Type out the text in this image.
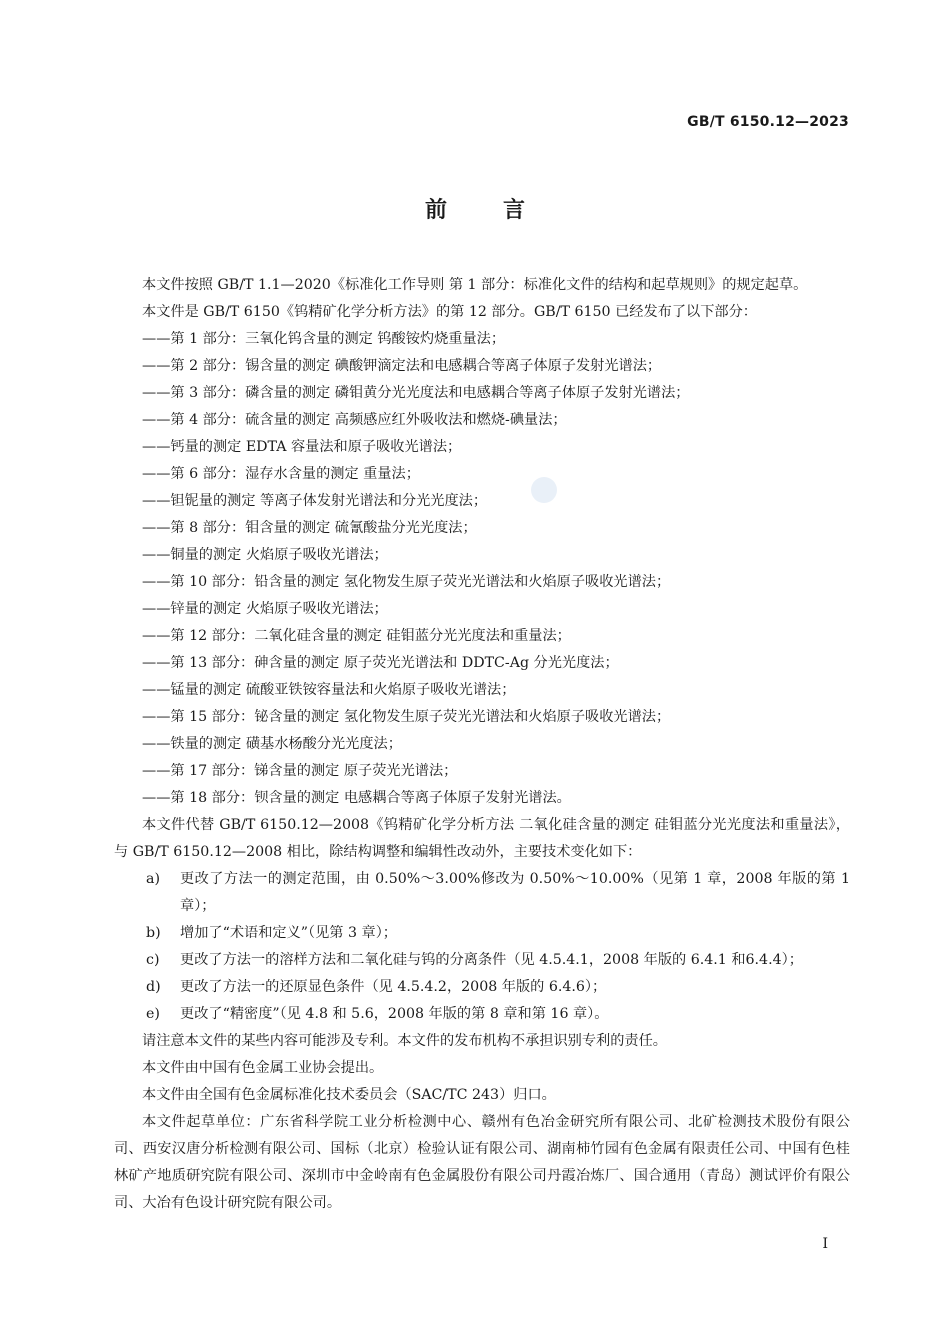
GB/T 6150.12—2023
前言

本文件按照 GB/T 1.1—2020《标准化工作导则 第 1 部分：标准化文件的结构和起草规则》的规定起草。

本文件是 GB/T 6150《钨精矿化学分析方法》的第 12 部分。GB/T 6150 已经发布了以下部分：

——第 1 部分：三氧化钨含量的测定 钨酸铵灼烧重量法；
——第 2 部分：锡含量的测定 碘酸钾滴定法和电感耦合等离子体原子发射光谱法；
——第 3 部分：磷含量的测定 磷钼黄分光光度法和电感耦合等离子体原子发射光谱法；
——第 4 部分：硫含量的测定 高频感应红外吸收法和燃烧-碘量法；
——钙量的测定 EDTA 容量法和原子吸收光谱法；
——第 6 部分：湿存水含量的测定 重量法；
——钽铌量的测定 等离子体发射光谱法和分光光度法；
——第 8 部分：钼含量的测定 硫氰酸盐分光光度法；
——铜量的测定 火焰原子吸收光谱法；
——第 10 部分：铅含量的测定 氢化物发生原子荧光光谱法和火焰原子吸收光谱法；
——锌量的测定 火焰原子吸收光谱法；
——第 12 部分：二氧化硅含量的测定 硅钼蓝分光光度法和重量法；
——第 13 部分：砷含量的测定 原子荧光光谱法和 DDTC-Ag 分光光度法；
——锰量的测定 硫酸亚铁铵容量法和火焰原子吸收光谱法；
——第 15 部分：铋含量的测定 氢化物发生原子荧光光谱法和火焰原子吸收光谱法；
——铁量的测定 磺基水杨酸分光光度法；
——第 17 部分：锑含量的测定 原子荧光光谱法；
——第 18 部分：钡含量的测定 电感耦合等离子体原子发射光谱法。

本文件代替 GB/T 6150.12—2008《钨精矿化学分析方法 二氧化硅含量的测定 硅钼蓝分光光度法和重量法》，与 GB/T 6150.12—2008 相比，除结构调整和编辑性改动外，主要技术变化如下：

a)	更改了方法一的测定范围，由 0.50%～3.00%修改为 0.50%～10.00%（见第 1 章，2008 年版的第 1 章）；
b)	增加了“术语和定义”（见第 3 章）；
c)	更改了方法一的溶样方法和二氧化硅与钨的分离条件（见 4.5.4.1，2008 年版的 6.4.1 和6.4.4）；
d)	更改了方法一的还原显色条件（见 4.5.4.2，2008 年版的 6.4.6）；
e)	更改了“精密度”（见 4.8 和 5.6，2008 年版的第 8 章和第 16 章）。

请注意本文件的某些内容可能涉及专利。本文件的发布机构不承担识别专利的责任。

本文件由中国有色金属工业协会提出。

本文件由全国有色金属标准化技术委员会（SAC/TC 243）归口。

本文件起草单位：广东省科学院工业分析检测中心、赣州有色冶金研究所有限公司、北矿检测技术股份有限公司、西安汉唐分析检测有限公司、国标（北京）检验认证有限公司、湖南柿竹园有色金属有限责任公司、中国有色桂林矿产地质研究院有限公司、深圳市中金岭南有色金属股份有限公司丹霞冶炼厂、国合通用（青岛）测试评价有限公司、大冶有色设计研究院有限公司。

I
